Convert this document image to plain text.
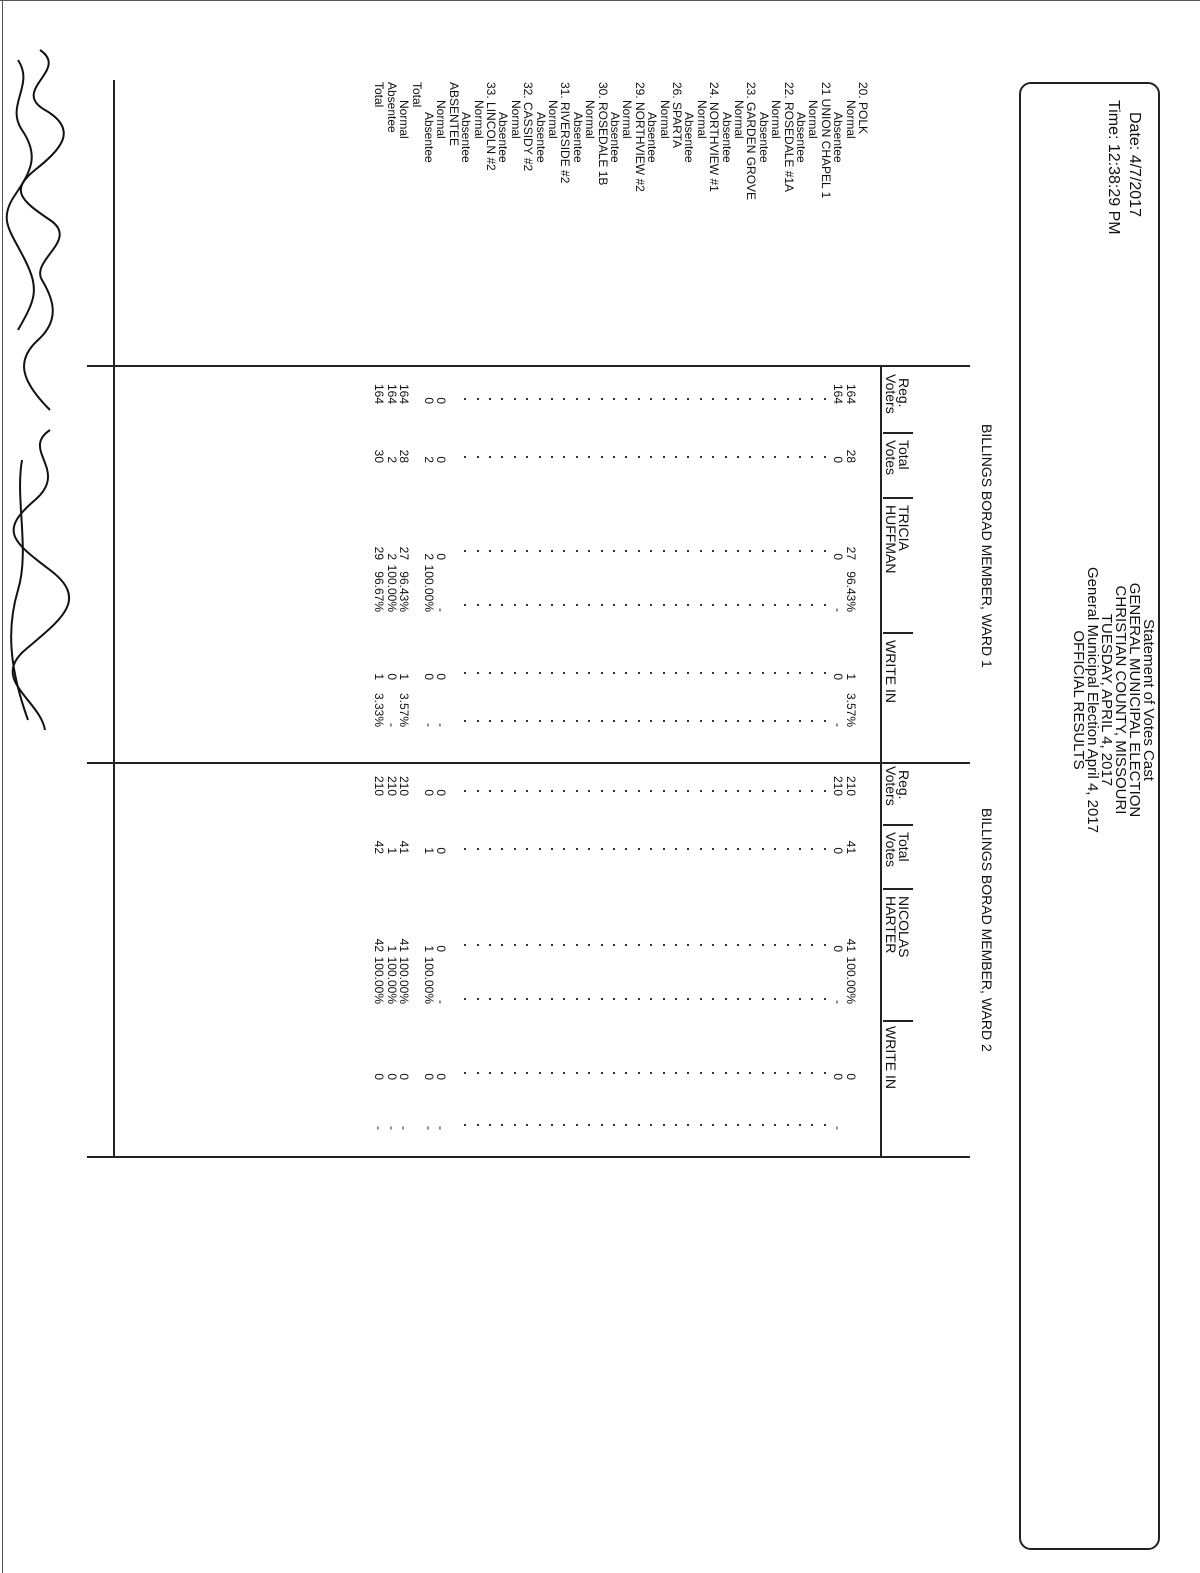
Date: 4/7/2017
Time: 12:38:29 PM
Statement of Votes Cast
GENERAL MUNICIPAL ELECTION
CHRISTIAN COUNTY, MISSOURI
TUESDAY, APRIL 4, 2017
General Municipal Election April 4, 2017
OFFICIAL RESULTS
BILLINGS BORAD MEMBER, WARD 1
BILLINGS BORAD MEMBER, WARD 2
Reg.
Voters
Total
Votes
TRICIA
HUFFMAN
WRITE IN
Reg.
Voters
Total
Votes
NICOLAS
HARTER
WRITE IN
20. POLK
Normal
164
28
27
96.43%
1
3.57%
210
41
41
100.00%
0
Absentee
164
0
0
-
0
-
210
0
0
-
0
-
21 UNION CHAPEL 1
Normal
Absentee
22. ROSEDALE #1A
Normal
Absentee
23. GARDEN GROVE
Normal
Absentee
24. NORTHVIEW #1
Normal
Absentee
26. SPARTA
Normal
Absentee
29. NORTHVIEW #2
Normal
Absentee
30. ROSEDALE 1B
Normal
Absentee
31. RIVERSIDE #2
Normal
Absentee
32. CASSIDY #2
Normal
Absentee
33. LINCOLN #2
Normal
Absentee
ABSENTEE
Normal
0
0
0
-
0
-
0
0
0
-
0
-
Absentee
0
2
2
100.00%
0
-
0
1
1
100.00%
0
-
Total
Normal
164
28
27
96.43%
1
3.57%
210
41
41
100.00%
0
-
Absentee
164
2
2
100.00%
0
-
210
1
1
100.00%
0
-
Total
164
30
29
96.67%
1
3.33%
210
42
42
100.00%
0
-
